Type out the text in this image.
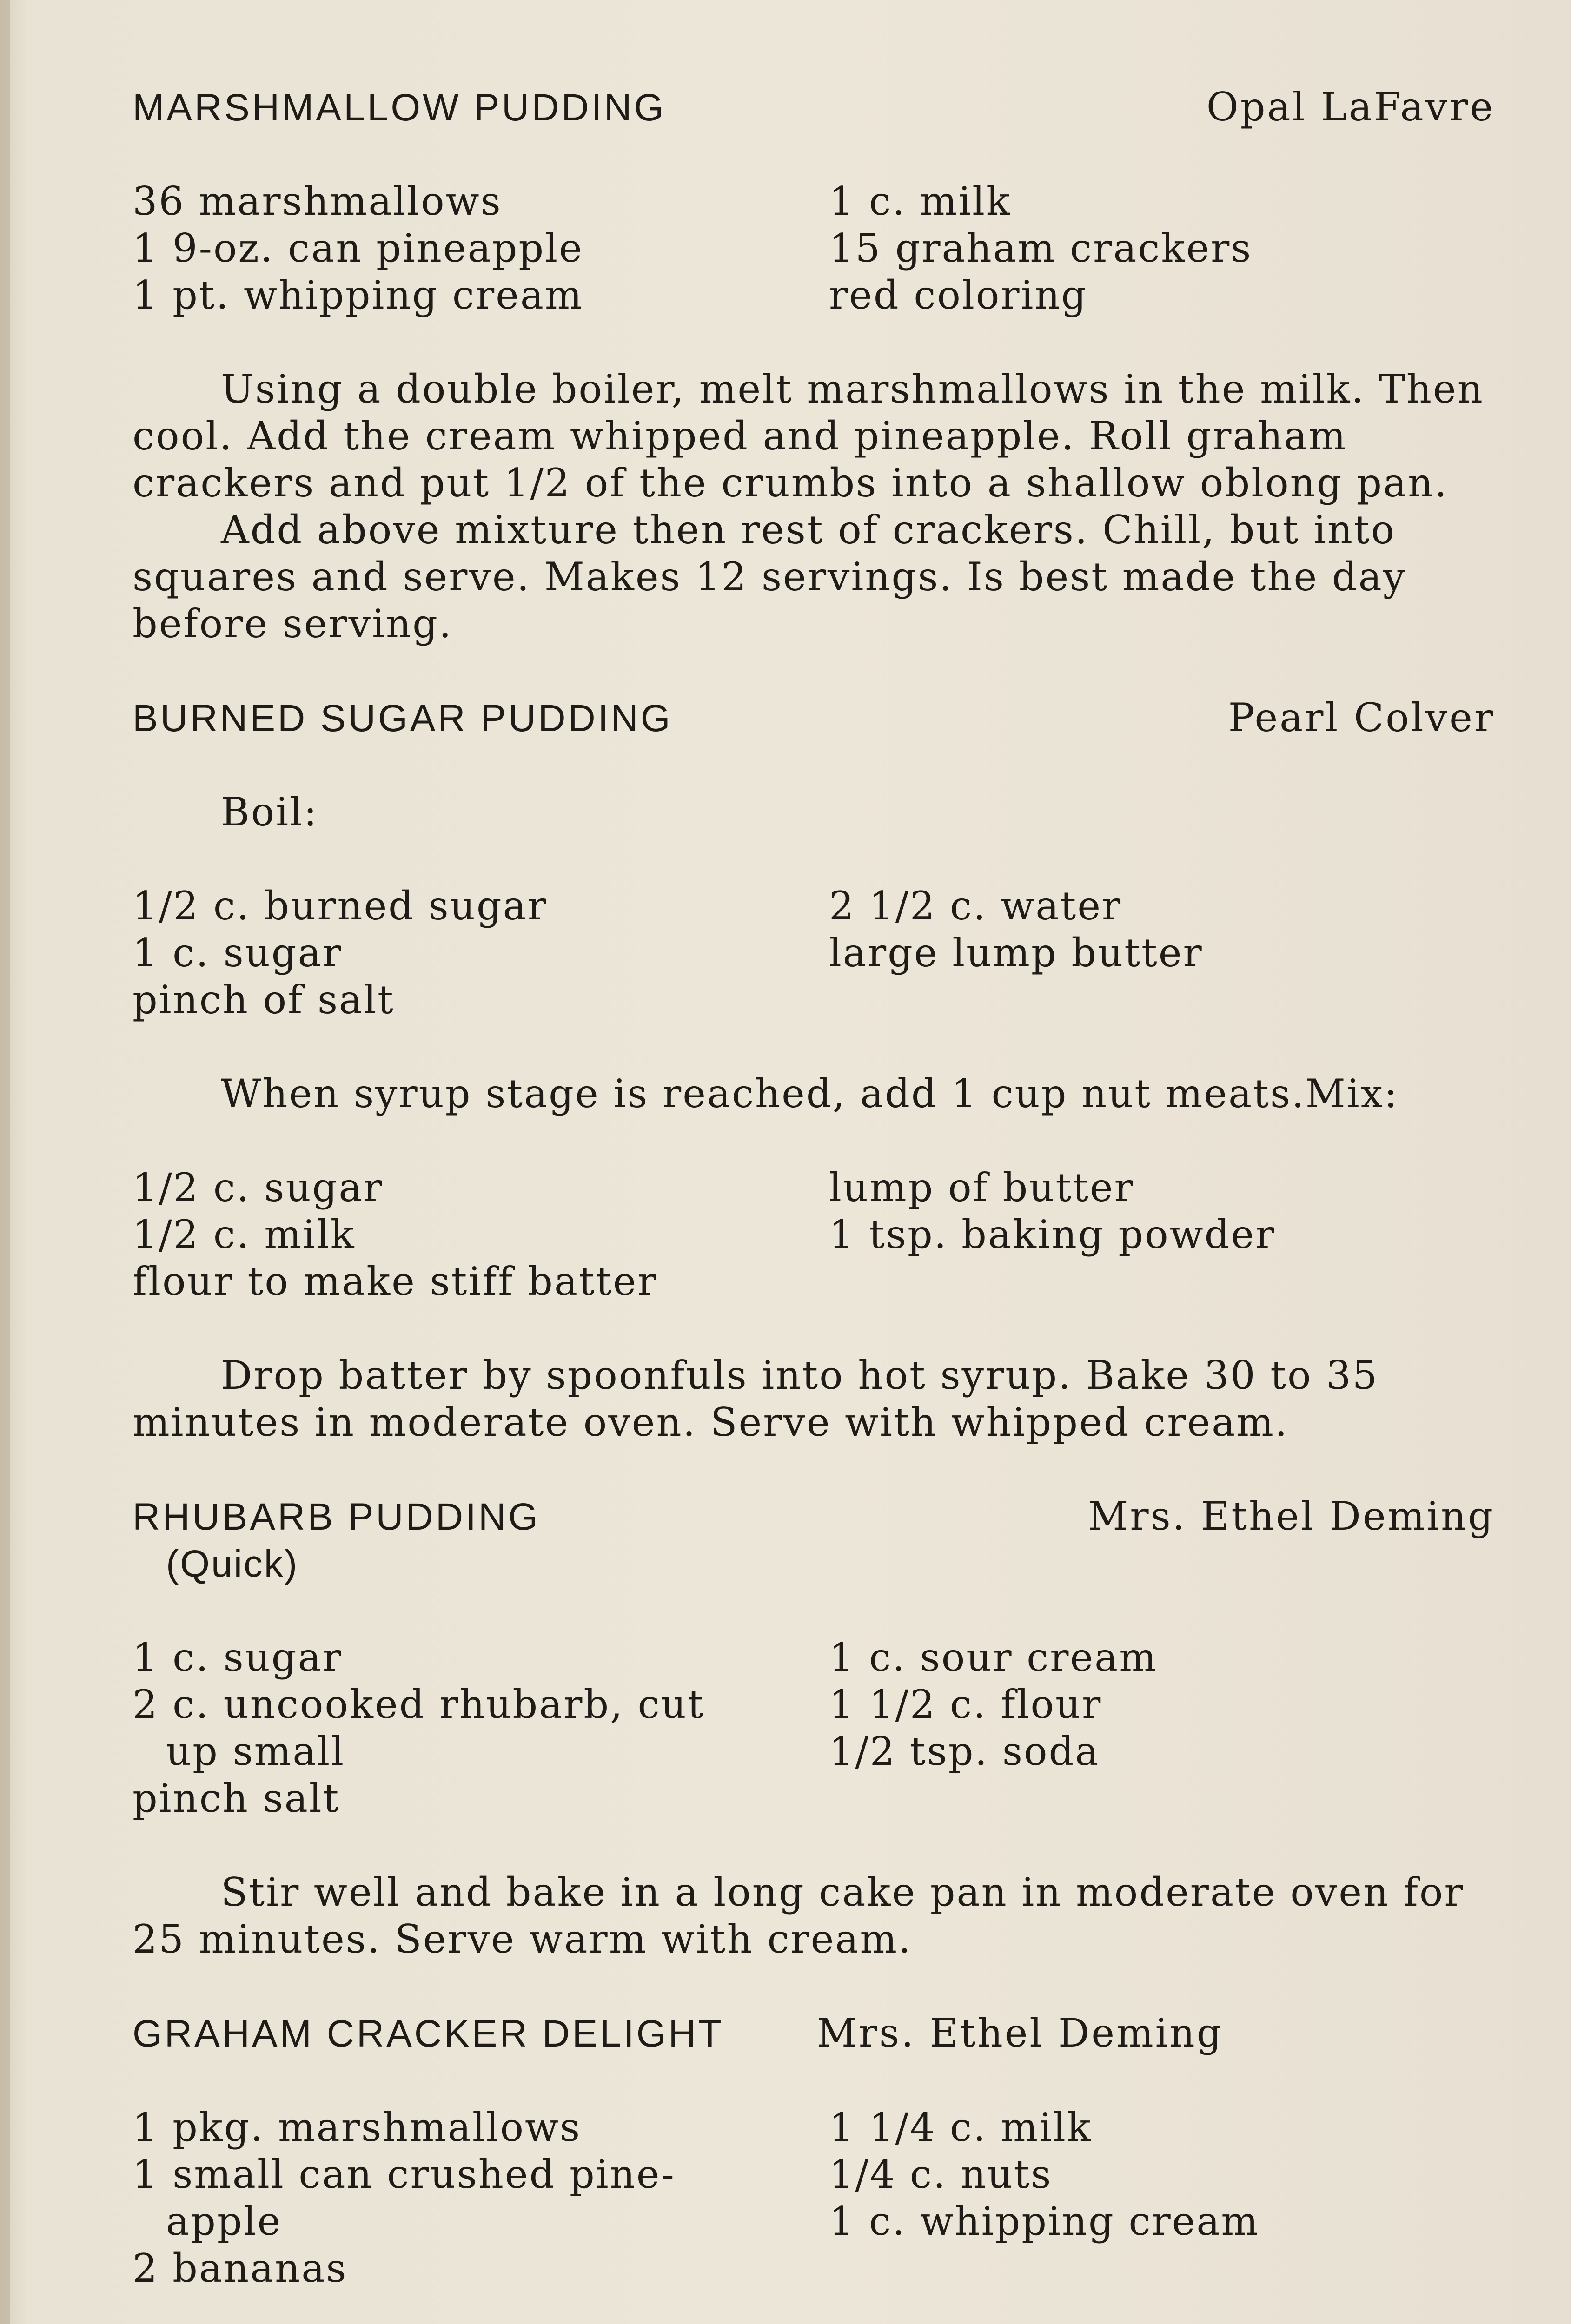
MARSHMALLOW PUDDING	Opal LaFavre
36 marshmallows	1 c. milk
1 9-oz. can pineapple	15 graham crackers
1 pt. whipping cream	red coloring

Using a double boiler, melt marshmallows in the milk. Then cool. Add the cream whipped and pineapple. Roll graham crackers and put 1/2 of the crumbs into a shallow oblong pan.

Add above mixture then rest of crackers. Chill, but into squares and serve. Makes 12 servings. Is best made the day before serving.

BURNED SUGAR PUDDING	Pearl Colver
Boil:
1/2 c. burned sugar	2 1/2 c. water
1 c. sugar	large lump butter
pinch of salt
When syrup stage is reached, add 1 cup nut meats.Mix:
1/2 c. sugar	lump of butter
1/2 c. milk	1 tsp. baking powder
flour to make stiff batter

Drop batter by spoonfuls into hot syrup. Bake 30 to 35 minutes in moderate oven. Serve with whipped cream.

RHUBARB PUDDING	Mrs. Ethel Deming
(Quick)
1 c. sugar	1 c. sour cream
2 c. uncooked rhubarb, cut	1 1/2 c. flour
up small	1/2 tsp. soda
pinch salt

Stir well and bake in a long cake pan in moderate oven for 25 minutes. Serve warm with cream.

GRAHAM CRACKER DELIGHT Mrs. Ethel Deming
1 pkg. marshmallows	1 1/4 c. milk
1 small can crushed pine-	1/4 c. nuts
apple	1 c. whipping cream
2 bananas
